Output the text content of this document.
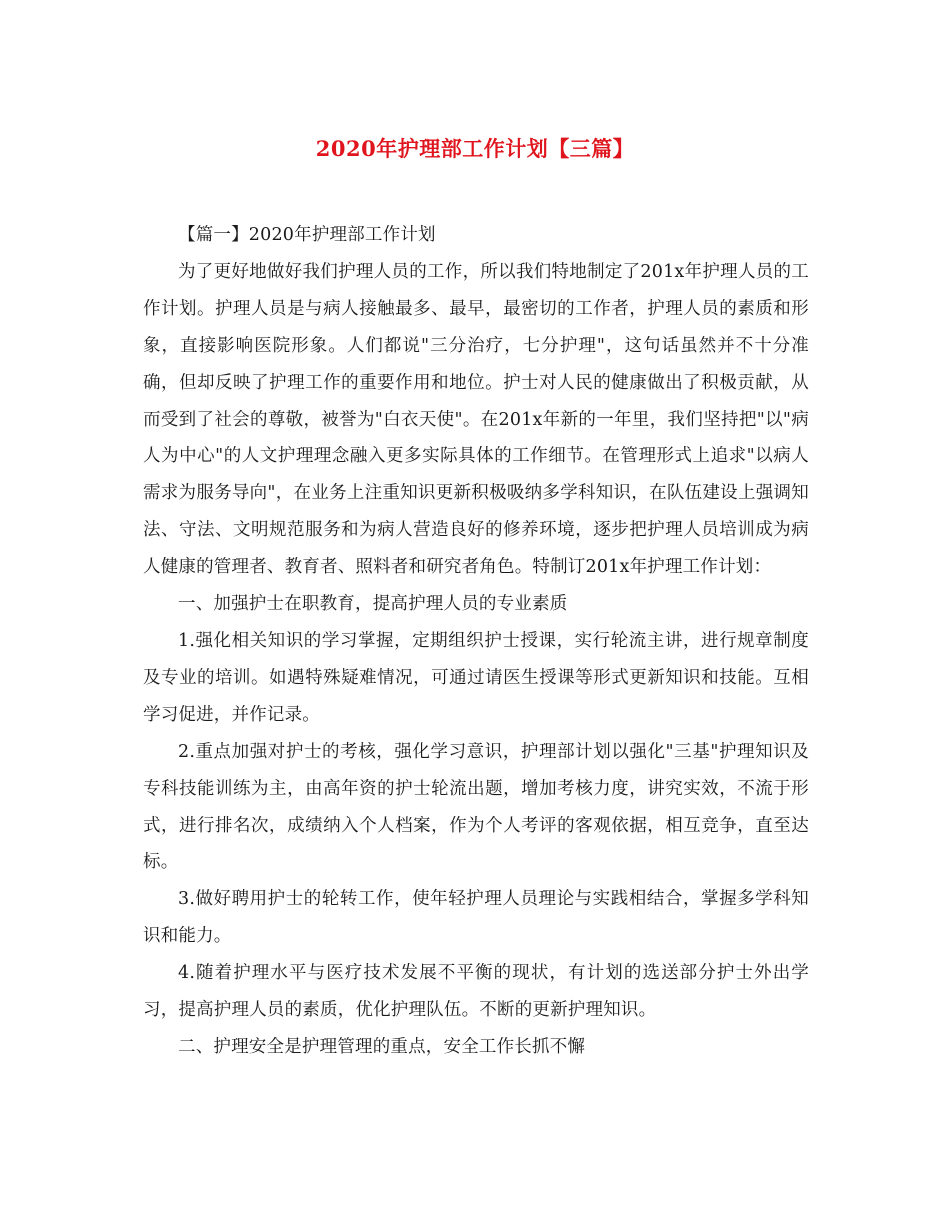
2020年护理部工作计划【三篇】

【篇一】2020年护理部工作计划

为了更好地做好我们护理人员的工作，所以我们特地制定了201x年护理人员的工作计划。护理人员是与病人接触最多、最早，最密切的工作者，护理人员的素质和形象，直接影响医院形象。人们都说"三分治疗，七分护理"，这句话虽然并不十分准确，但却反映了护理工作的重要作用和地位。护士对人民的健康做出了积极贡献，从而受到了社会的尊敬，被誉为"白衣天使"。在201x年新的一年里，我们坚持把"以"病人为中心"的人文护理理念融入更多实际具体的工作细节。在管理形式上追求"以病人需求为服务导向"，在业务上注重知识更新积极吸纳多学科知识，在队伍建设上强调知法、守法、文明规范服务和为病人营造良好的修养环境，逐步把护理人员培训成为病人健康的管理者、教育者、照料者和研究者角色。特制订201x年护理工作计划：

一、加强护士在职教育，提高护理人员的专业素质

1.强化相关知识的学习掌握，定期组织护士授课，实行轮流主讲，进行规章制度及专业的培训。如遇特殊疑难情况，可通过请医生授课等形式更新知识和技能。互相学习促进，并作记录。

2.重点加强对护士的考核，强化学习意识，护理部计划以强化"三基"护理知识及专科技能训练为主，由高年资的护士轮流出题，增加考核力度，讲究实效，不流于形式，进行排名次，成绩纳入个人档案，作为个人考评的客观依据，相互竞争，直至达标。

3.做好聘用护士的轮转工作，使年轻护理人员理论与实践相结合，掌握多学科知识和能力。

4.随着护理水平与医疗技术发展不平衡的现状，有计划的选送部分护士外出学习，提高护理人员的素质，优化护理队伍。不断的更新护理知识。

二、护理安全是护理管理的重点，安全工作长抓不懈
